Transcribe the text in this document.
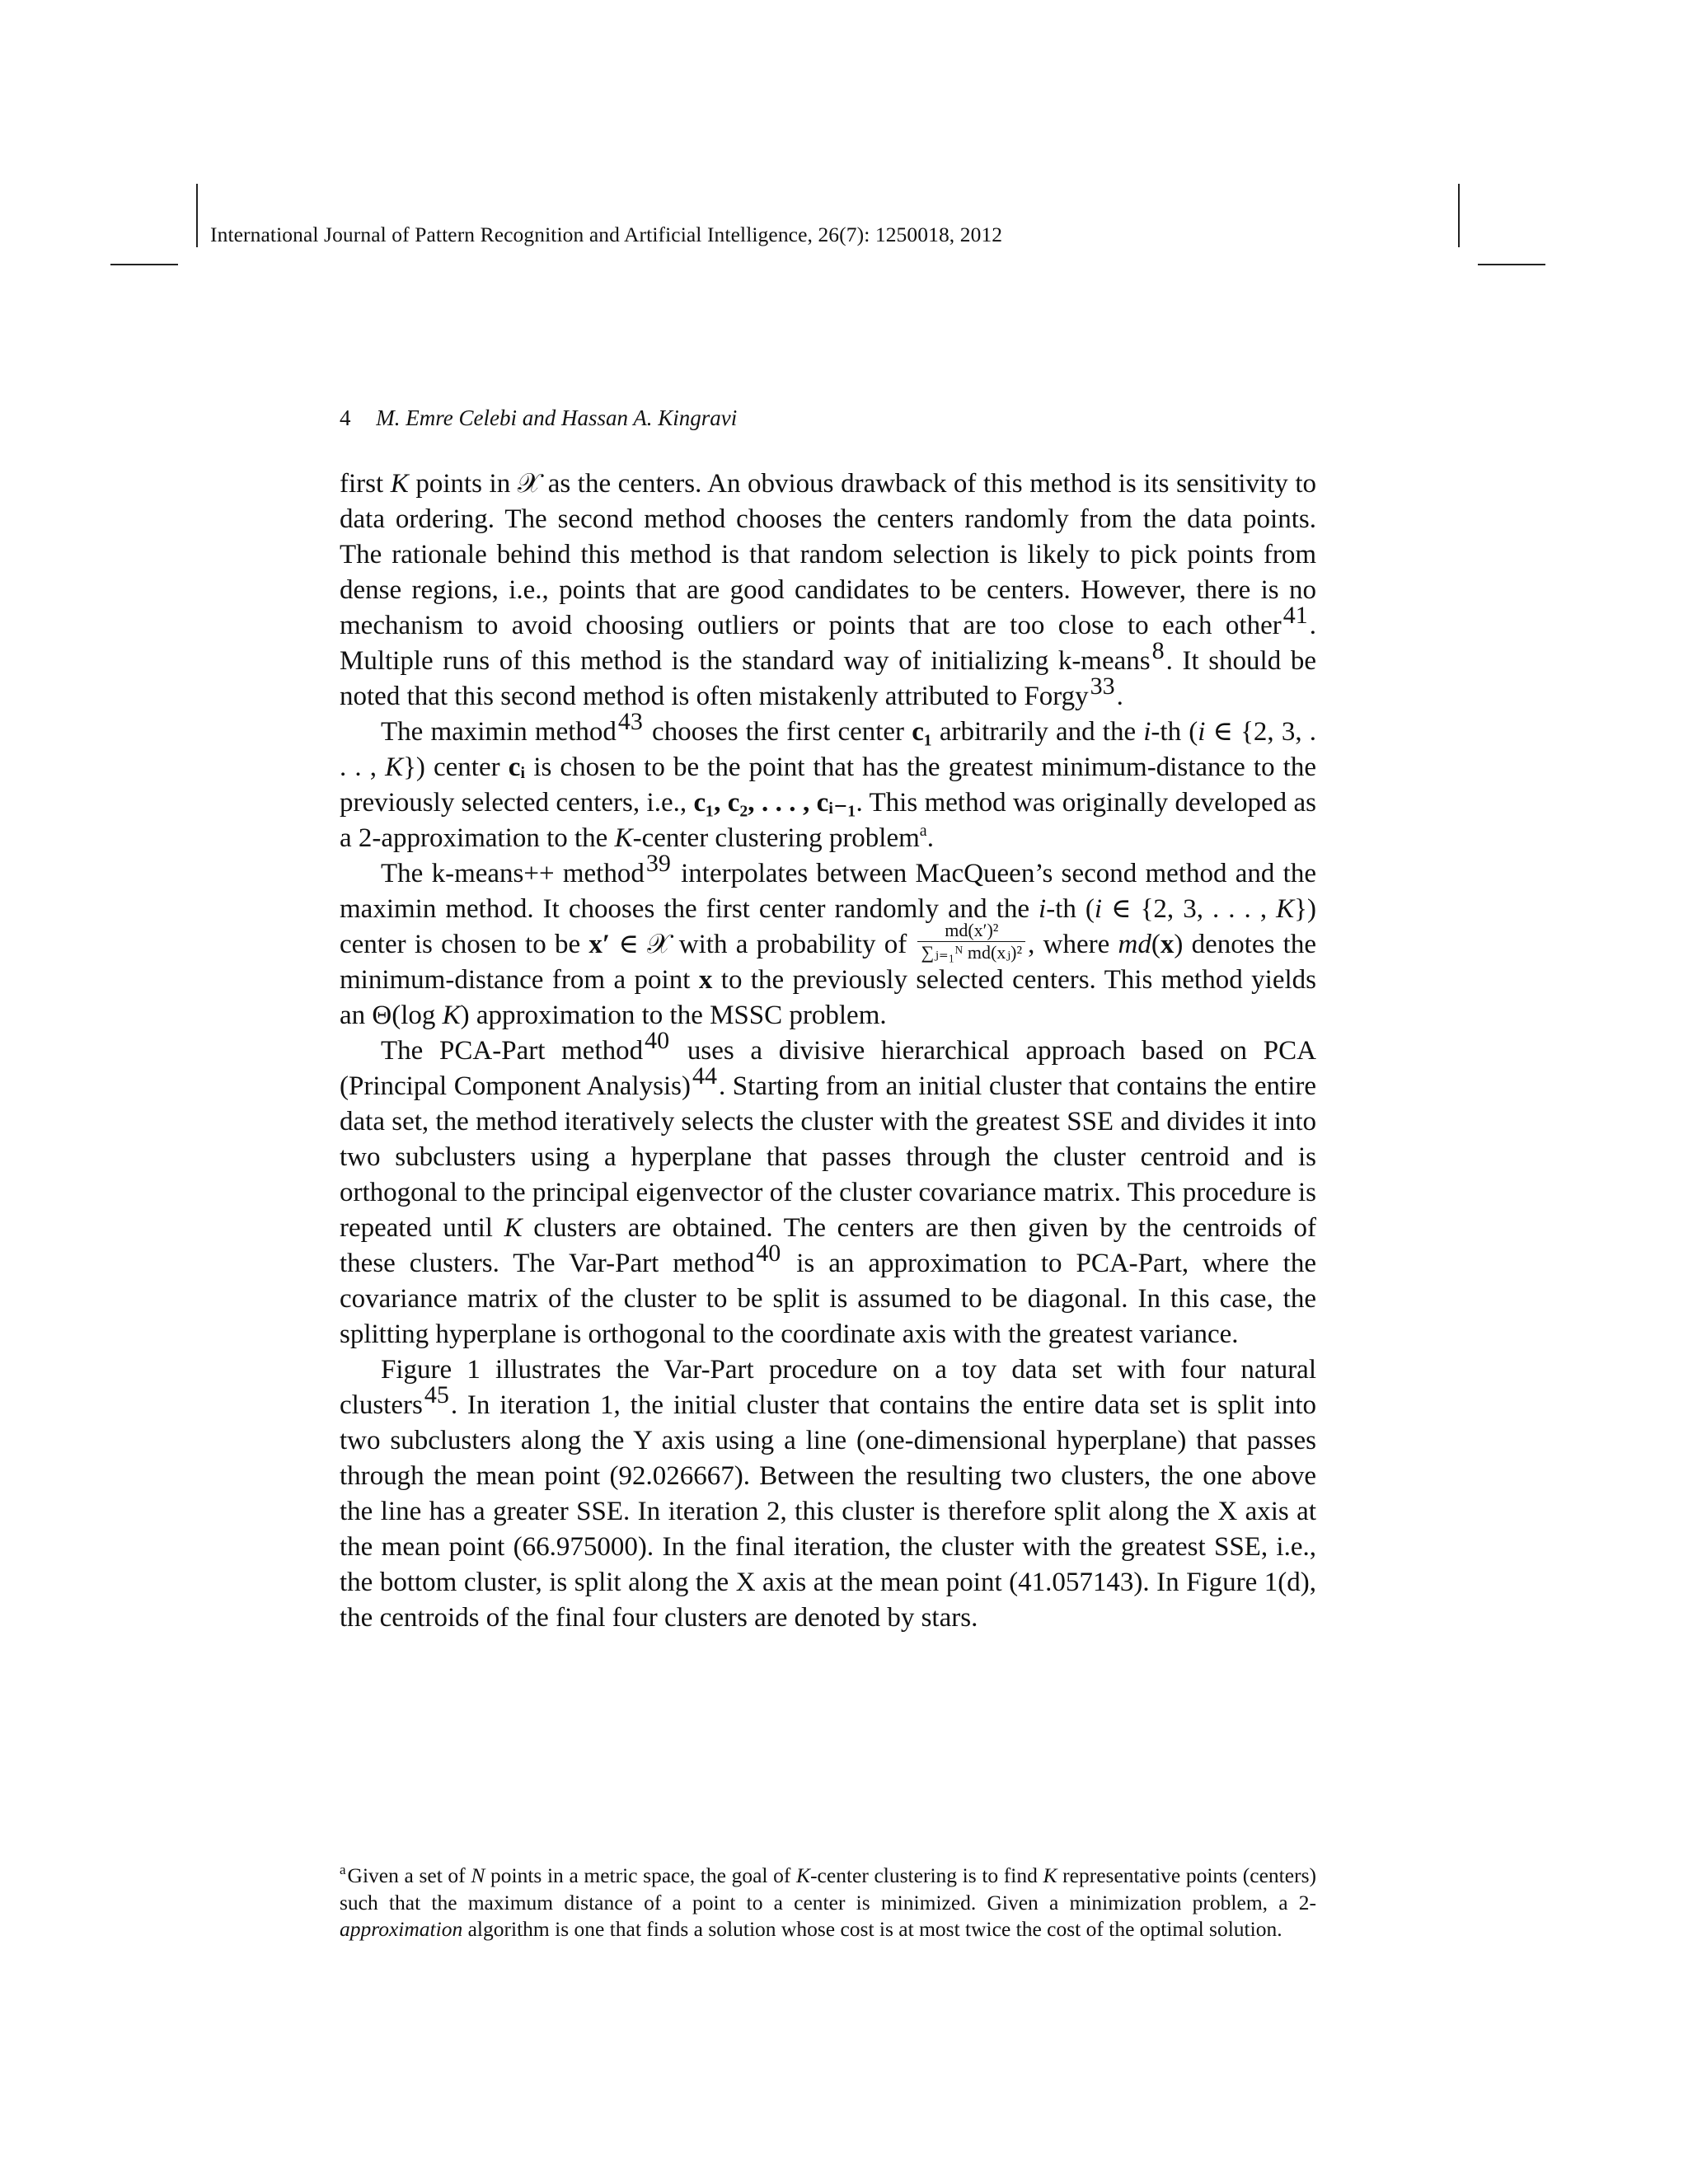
International Journal of Pattern Recognition and Artificial Intelligence, 26(7): 1250018, 2012
4 M. Emre Celebi and Hassan A. Kingravi

first K points in 𝒳 as the centers. An obvious drawback of this method is its sensitivity to data ordering. The second method chooses the centers randomly from the data points. The rationale behind this method is that random selection is likely to pick points from dense regions, i.e., points that are good candidates to be centers. However, there is no mechanism to avoid choosing outliers or points that are too close to each other41. Multiple runs of this method is the standard way of initializing k-means8. It should be noted that this second method is often mistakenly attributed to Forgy33.

The maximin method43 chooses the first center c₁ arbitrarily and the i-th (i ∈ {2, 3, . . . , K}) center cᵢ is chosen to be the point that has the greatest minimum-distance to the previously selected centers, i.e., c₁, c₂, . . . , cᵢ₋₁. This method was originally developed as a 2-approximation to the K-center clustering problem$^a$.

The k-means++ method39 interpolates between MacQueen’s second method and the maximin method. It chooses the first center randomly and the i-th (i ∈ {2, 3, . . . , K}) center is chosen to be x′ ∈ 𝒳 with a probability of $\frac{\text{md(x′)²}}{\text{∑ⱼ₌₁ᴺ md(xⱼ)²}}$ , where md(x) denotes the minimum-distance from a point x to the previously selected centers. This method yields an Θ(log K) approximation to the MSSC problem.

The PCA-Part method40 uses a divisive hierarchical approach based on PCA (Principal Component Analysis)44. Starting from an initial cluster that contains the entire data set, the method iteratively selects the cluster with the greatest SSE and divides it into two subclusters using a hyperplane that passes through the cluster centroid and is orthogonal to the principal eigenvector of the cluster covariance matrix. This procedure is repeated until K clusters are obtained. The centers are then given by the centroids of these clusters. The Var-Part method40 is an approximation to PCA-Part, where the covariance matrix of the cluster to be split is assumed to be diagonal. In this case, the splitting hyperplane is orthogonal to the coordinate axis with the greatest variance.

Figure 1 illustrates the Var-Part procedure on a toy data set with four natural clusters45. In iteration 1, the initial cluster that contains the entire data set is split into two subclusters along the Y axis using a line (one-dimensional hyperplane) that passes through the mean point (92.026667). Between the resulting two clusters, the one above the line has a greater SSE. In iteration 2, this cluster is therefore split along the X axis at the mean point (66.975000). In the final iteration, the cluster with the greatest SSE, i.e., the bottom cluster, is split along the X axis at the mean point (41.057143). In Figure 1(d), the centroids of the final four clusters are denoted by stars.

$^a$Given a set of N points in a metric space, the goal of K-center clustering is to find K representative points (centers) such that the maximum distance of a point to a center is minimized. Given a minimization problem, a 2-approximation algorithm is one that finds a solution whose cost is at most twice the cost of the optimal solution.
